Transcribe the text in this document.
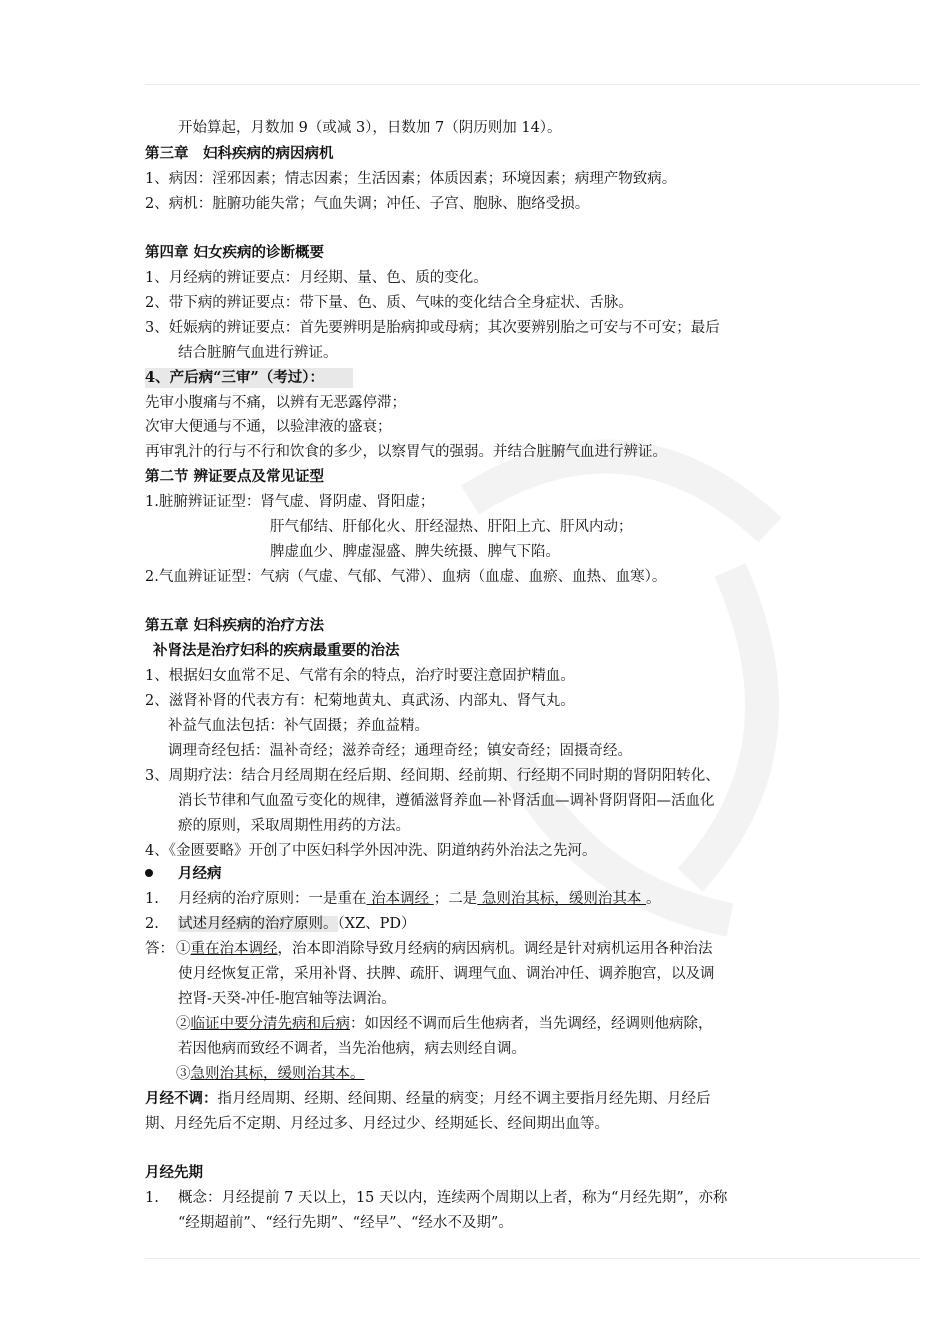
开始算起，月数加 9（或减 3），日数加 7（阴历则加 14）。
第三章　妇科疾病的病因病机
1、病因：淫邪因素；情志因素；生活因素；体质因素；环境因素；病理产物致病。
2、病机：脏腑功能失常；气血失调；冲任、子宫、胞脉、胞络受损。
第四章 妇女疾病的诊断概要
1、月经病的辨证要点：月经期、量、色、质的变化。
2、带下病的辨证要点：带下量、色、质、气味的变化结合全身症状、舌脉。
3、妊娠病的辨证要点：首先要辨明是胎病抑或母病；其次要辨别胎之可安与不可安；最后
结合脏腑气血进行辨证。
4、产后病“三审”（考过）：
先审小腹痛与不痛，以辨有无恶露停滞；
次审大便通与不通，以验津液的盛衰；
再审乳汁的行与不行和饮食的多少，以察胃气的强弱。并结合脏腑气血进行辨证。
第二节 辨证要点及常见证型
1.脏腑辨证证型：肾气虚、肾阴虚、肾阳虚；
肝气郁结、肝郁化火、肝经湿热、肝阳上亢、肝风内动；
脾虚血少、脾虚湿盛、脾失统摄、脾气下陷。
2.气血辨证证型：气病（气虚、气郁、气滞）、血病（血虚、血瘀、血热、血寒）。
第五章 妇科疾病的治疗方法
补肾法是治疗妇科的疾病最重要的治法
1、根据妇女血常不足、气常有余的特点，治疗时要注意固护精血。
2、滋肾补肾的代表方有：杞菊地黄丸、真武汤、内部丸、肾气丸。
补益气血法包括：补气固摄；养血益精。
调理奇经包括：温补奇经；滋养奇经；通理奇经；镇安奇经；固摄奇经。
3、周期疗法：结合月经周期在经后期、经间期、经前期、行经期不同时期的肾阴阳转化、
消长节律和气血盈亏变化的规律，遵循滋肾养血—补肾活血—调补肾阴肾阳—活血化
瘀的原则，采取周期性用药的方法。
4、《金匮要略》开创了中医妇科学外因冲洗、阴道纳药外治法之先河。
月经病
1. 月经病的治疗原则：一是重在 治本调经 ；二是 急则治其标，缓则治其本 。
2. 试述月经病的治疗原则。（XZ、PD）
答： ①重在治本调经，治本即消除导致月经病的病因病机。调经是针对病机运用各种治法
使月经恢复正常，采用补肾、扶脾、疏肝、调理气血、调治冲任、调养胞宫，以及调
控肾-天癸-冲任-胞宫轴等法调治。
②临证中要分清先病和后病：如因经不调而后生他病者，当先调经，经调则他病除，
若因他病而致经不调者，当先治他病，病去则经自调。
③急则治其标，缓则治其本。
月经不调：指月经周期、经期、经间期、经量的病变；月经不调主要指月经先期、月经后
期、月经先后不定期、月经过多、月经过少、经期延长、经间期出血等。
月经先期
1. 概念：月经提前 7 天以上，15 天以内，连续两个周期以上者，称为“月经先期”，亦称
“经期超前”、“经行先期”、“经早”、“经水不及期”。
